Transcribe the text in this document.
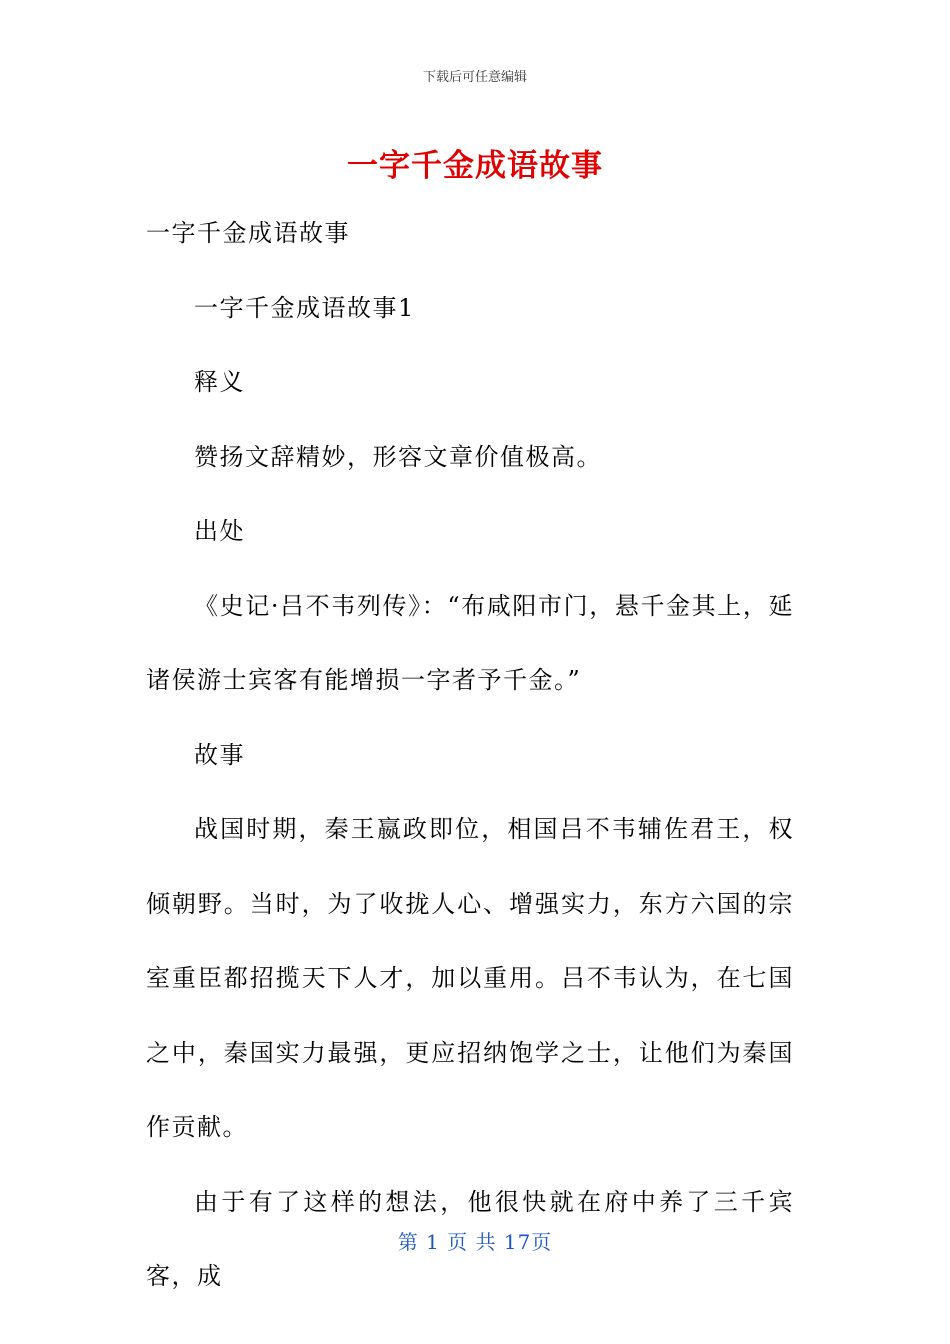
下载后可任意编辑
一字千金成语故事

一字千金成语故事

一字千金成语故事1

释义

赞扬文辞精妙，形容文章价值极高。

出处

《史记·吕不韦列传》：“布咸阳市门，悬千金其上，延诸侯游士宾客有能增损一字者予千金。”

故事

战国时期，秦王嬴政即位，相国吕不韦辅佐君王，权倾朝野。当时，为了收拢人心、增强实力，东方六国的宗室重臣都招揽天下人才，加以重用。吕不韦认为，在七国之中，秦国实力最强，更应招纳饱学之士，让他们为秦国作贡献。

由于有了这样的想法，他很快就在府中养了三千宾客，成

第 1 页 共 17页
